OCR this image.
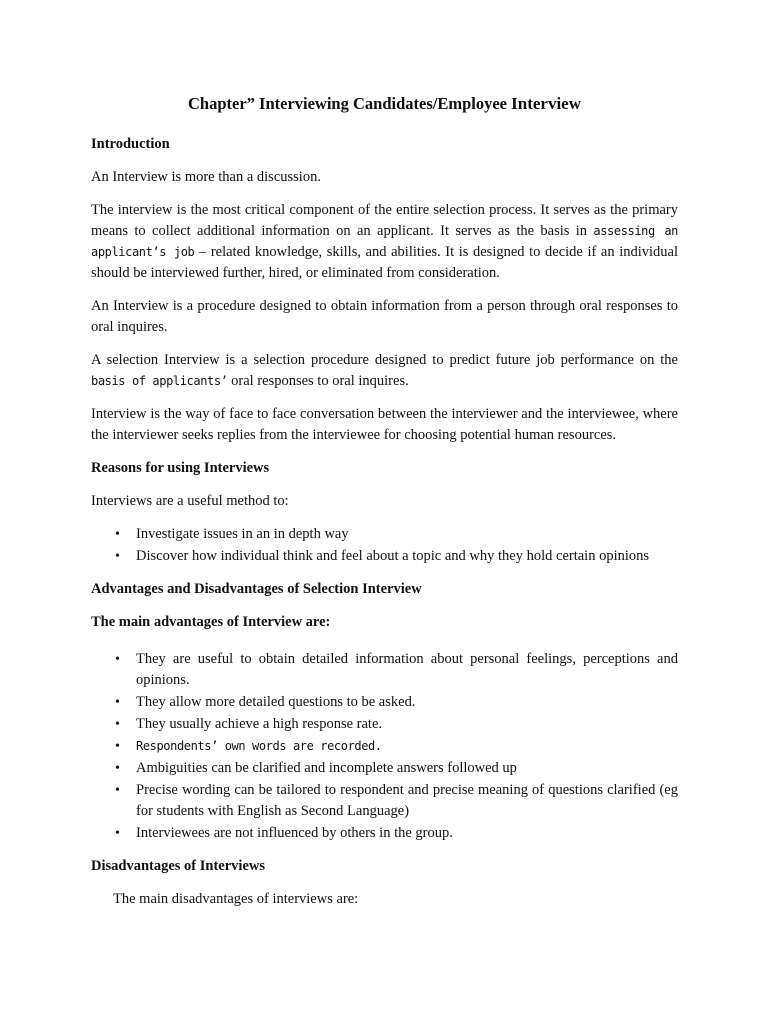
Chapter” Interviewing Candidates/Employee Interview
Introduction

An Interview is more than a discussion.

The interview is the most critical component of the entire selection process. It serves as the primary means to collect additional information on an applicant. It serves as the basis in assessing an applicant’s job – related knowledge, skills, and abilities. It is designed to decide if an individual should be interviewed further, hired, or eliminated from consideration.

An Interview is a procedure designed to obtain information from a person through oral responses to oral inquires.

A selection Interview is a selection procedure designed to predict future job performance on the basis of applicants’ oral responses to oral inquires.

Interview is the way of face to face conversation between the interviewer and the interviewee, where the interviewer seeks replies from the interviewee for choosing potential human resources.

Reasons for using Interviews

Interviews are a useful method to:

• Investigate issues in an in depth way
• Discover how individual think and feel about a topic and why they hold certain opinions
Advantages and Disadvantages of Selection Interview
The main advantages of Interview are:
• They are useful to obtain detailed information about personal feelings, perceptions and opinions.
• They allow more detailed questions to be asked.
• They usually achieve a high response rate.
• Respondents’ own words are recorded.
• Ambiguities can be clarified and incomplete answers followed up
• Precise wording can be tailored to respondent and precise meaning of questions clarified (eg for students with English as Second Language)
• Interviewees are not influenced by others in the group.
Disadvantages of Interviews

The main disadvantages of interviews are:
